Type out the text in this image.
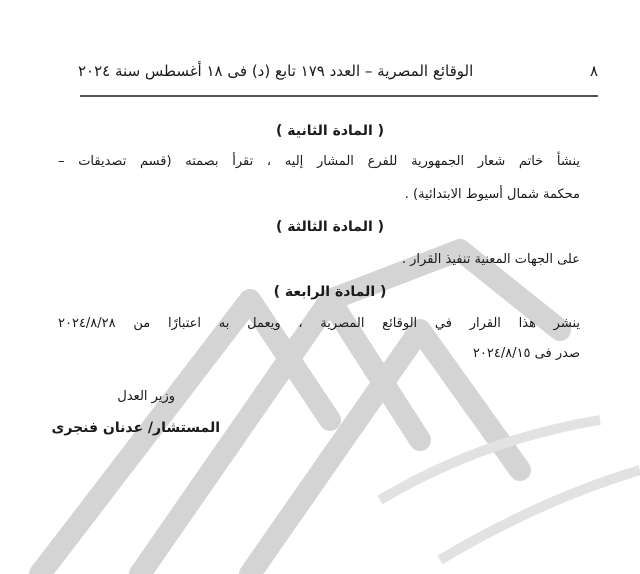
٨
الوقائع المصرية – العدد ١٧٩ تابع (د) فى ١٨ أغسطس سنة ٢٠٢٤
( المادة الثانية )
ينشأ خاتم شعار الجمهورية للفرع المشار إليه ، تقرأ بصمته (قسم تصديقات –
محكمة شمال أسيوط الابتدائية) .
( المادة الثالثة )
على الجهات المعنية تنفيذ القرار .
( المادة الرابعة )
ينشر هذا القرار في الوقائع المصرية ، ويعمل به اعتبارًا من ٢٠٢٤/٨/٢٨
صدر فى ٢٠٢٤/٨/١٥
وزير العدل
المستشار/ عدنان فنجرى
